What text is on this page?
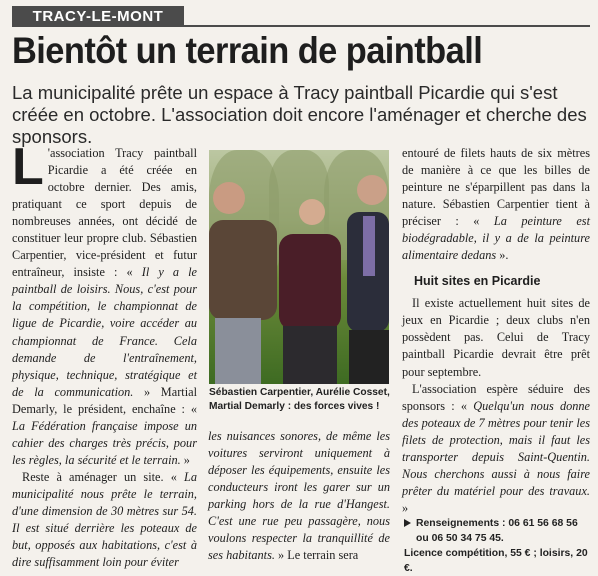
TRACY-LE-MONT
Bientôt un terrain de paintball
La municipalité prête un espace à Tracy paintball Picardie qui s'est créée en octobre. L'association doit encore l'aménager et cherche des sponsors.

L 'association Tracy paintball Picardie a été créée en octobre dernier. Des amis, pratiquant ce sport depuis de nombreuses années, ont décidé de constituer leur propre club. Sébastien Carpentier, vice-président et futur entraîneur, insiste : « Il y a le paintball de loisirs. Nous, c'est pour la compétition, le championnat de ligue de Picardie, voire accéder au championnat de France. Cela demande de l'entraînement, physique, technique, stratégique et de la communication. » Martial Demarly, le président, enchaîne : « La Fédération française impose un cahier des charges très précis, pour les règles, la sécurité et le terrain. »

Reste à aménager un site. « La municipalité nous prête le terrain, d'une dimension de 30 mètres sur 54. Il est situé derrière les poteaux de but, opposés aux habitations, c'est à dire suffisamment loin pour éviter

Sébastien Carpentier, Aurélie Cosset, Martial Demarly : des forces vives !

les nuisances sonores, de même les voitures serviront uniquement à déposer les équipements, ensuite les conducteurs iront les garer sur un parking hors de la rue d'Hangest. C'est une rue peu passagère, nous voulons respecter la tranquillité de ses habitants. » Le terrain sera

entouré de filets hauts de six mètres de manière à ce que les billes de peinture ne s'éparpillent pas dans la nature. Sébastien Carpentier tient à préciser : « La peinture est biodégradable, il y a de la peinture alimentaire dedans ».

Huit sites en Picardie

Il existe actuellement huit sites de jeux en Picardie ; deux clubs n'en possèdent pas. Celui de Tracy paintball Picardie devrait être prêt pour septembre.

L'association espère séduire des sponsors : « Quelqu'un nous donne des poteaux de 7 mètres pour tenir les filets de protection, mais il faut les transporter depuis Saint-Quentin. Nous cherchons aussi à nous faire prêter du matériel pour des travaux. »

Renseignements : 06 61 56 68 56
ou 06 50 34 75 45.
Licence compétition, 55 € ; loisirs, 20 €.
